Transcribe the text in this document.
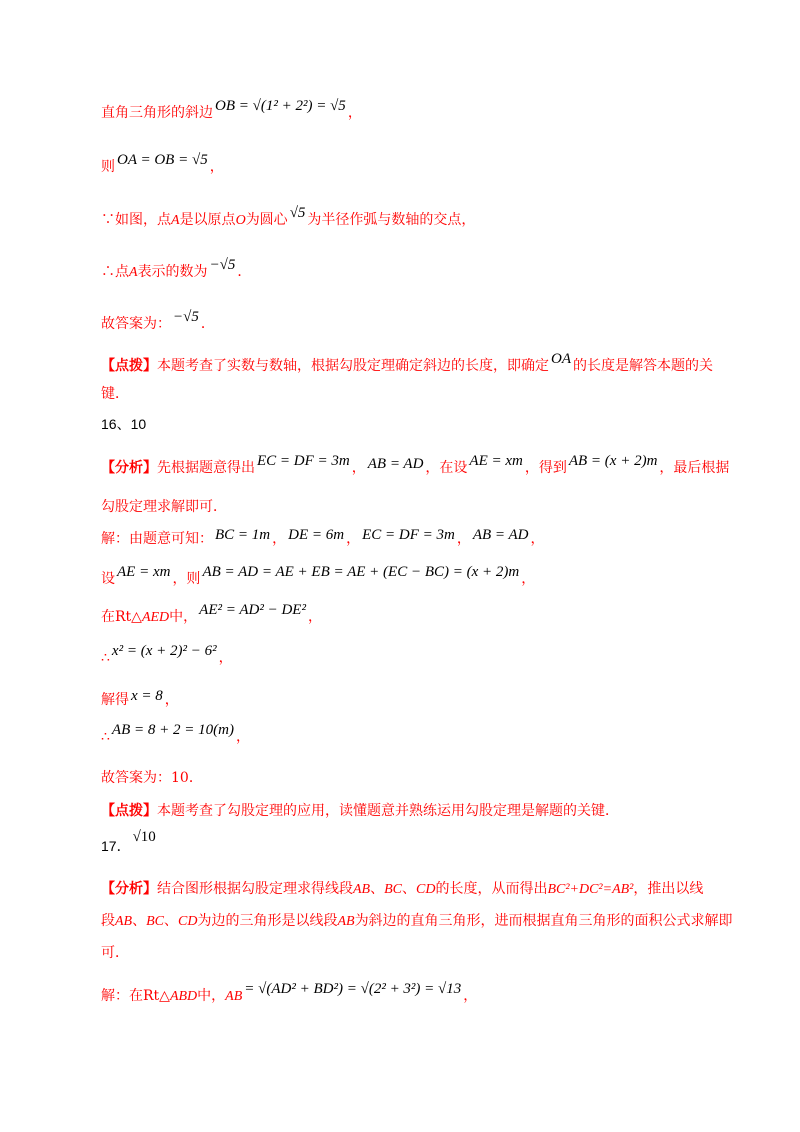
直角三角形的斜边 OB = √(1² + 2²) = √5 ，
则 OA = OB = √5 ，
∵如图，点A是以原点O为圆心 √5 为半径作弧与数轴的交点，
∴点A表示的数为 −√5 ．
故答案为： −√5 ．
【点拨】本题考查了实数与数轴，根据勾股定理确定斜边的长度，即确定 OA 的长度是解答本题的关
键．
16、10
【分析】先根据题意得出 EC = DF = 3m ， AB = AD ，在设 AE = xm ，得到 AB = (x + 2)m ，最后根据
勾股定理求解即可．
解：由题意可知： BC = 1m ， DE = 6m ， EC = DF = 3m ， AB = AD ，
设 AE = xm ，则 AB = AD = AE + EB = AE + (EC − BC) = (x + 2)m ，
在Rt△AED中， AE² = AD² − DE² ，
∴ x² = (x + 2)² − 6² ，
解得 x = 8 ，
∴ AB = 8 + 2 = 10(m) ，
故答案为：10．
【点拨】本题考查了勾股定理的应用，读懂题意并熟练运用勾股定理是解题的关键．
17．√10
【分析】结合图形根据勾股定理求得线段AB、BC、CD的长度，从而得出BC²+DC²=AB²，推出以线
段AB、BC、CD为边的三角形是以线段AB为斜边的直角三角形，进而根据直角三角形的面积公式求解即
可．
解：在Rt△ABD中，AB = √(AD² + BD²) = √(2² + 3²) = √13 ，
